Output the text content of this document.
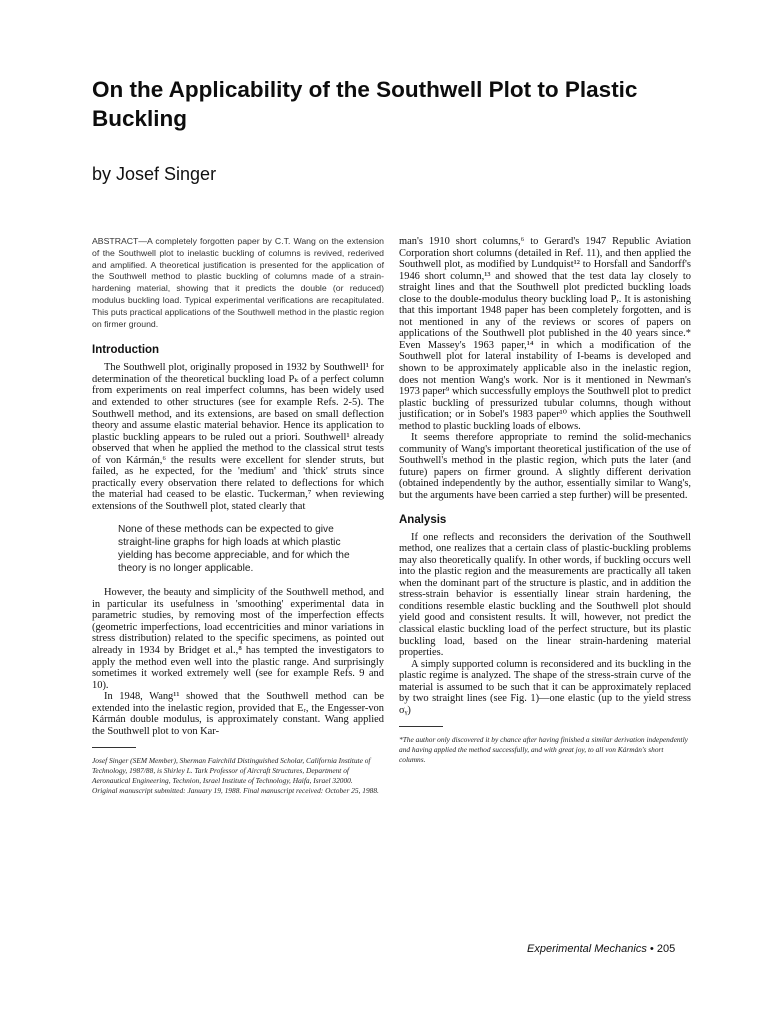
On the Applicability of the Southwell Plot to Plastic Buckling
by Josef Singer

ABSTRACT—A completely forgotten paper by C.T. Wang on the extension of the Southwell plot to inelastic buckling of columns is revived, rederived and amplified. A theoretical justification is presented for the application of the Southwell method to plastic buckling of columns made of a strain-hardening material, showing that it predicts the double (or reduced) modulus buckling load. Typical experimental verifications are recapitulated. This puts practical applications of the Southwell method in the plastic region on firmer ground.

Introduction

The Southwell plot, originally proposed in 1932 by Southwell¹ for determination of the theoretical buckling load Pₖ of a perfect column from experiments on real imperfect columns, has been widely used and extended to other structures (see for example Refs. 2-5). The Southwell method, and its extensions, are based on small deflection theory and assume elastic material behavior. Hence its application to plastic buckling appears to be ruled out a priori. Southwell¹ already observed that when he applied the method to the classical strut tests of von Kármán,⁶ the results were excellent for slender struts, but failed, as he expected, for the 'medium' and 'thick' struts since practically every observation there related to deflections for which the material had ceased to be elastic. Tuckerman,⁷ when reviewing extensions of the Southwell plot, stated clearly that

None of these methods can be expected to give straight-line graphs for high loads at which plastic yielding has become appreciable, and for which the theory is no longer applicable.

However, the beauty and simplicity of the Southwell method, and in particular its usefulness in 'smoothing' experimental data in parametric studies, by removing most of the imperfection effects (geometric imperfections, load eccentricities and minor variations in stress distribution) related to the specific specimens, as pointed out already in 1934 by Bridget et al.,⁸ has tempted the investigators to apply the method even well into the plastic range. And surprisingly sometimes it worked extremely well (see for example Refs. 9 and 10).

In 1948, Wang¹¹ showed that the Southwell method can be extended into the inelastic region, provided that Eᵣ, the Engesser-von Kármán double modulus, is approximately constant. Wang applied the Southwell plot to von Kar-

Josef Singer (SEM Member), Sherman Fairchild Distinguished Scholar, California Institute of Technology, 1987/88, is Shirley L. Tark Professor of Aircraft Structures, Department of Aeronautical Engineering, Technion, Israel Institute of Technology, Haifa, Israel 32000.

Original manuscript submitted: January 19, 1988. Final manuscript received: October 25, 1988.

man's 1910 short columns,⁶ to Gerard's 1947 Republic Aviation Corporation short columns (detailed in Ref. 11), and then applied the Southwell plot, as modified by Lundquist¹² to Horsfall and Sandorff's 1946 short column,¹³ and showed that the test data lay closely to straight lines and that the Southwell plot predicted buckling loads close to the double-modulus theory buckling load Pᵣ. It is astonishing that this important 1948 paper has been completely forgotten, and is not mentioned in any of the reviews or scores of papers on applications of the Southwell plot published in the 40 years since.* Even Massey's 1963 paper,¹⁴ in which a modification of the Southwell plot for lateral instability of I-beams is developed and shown to be approximately applicable also in the inelastic region, does not mention Wang's work. Nor is it mentioned in Newman's 1973 paper⁹ which successfully employs the Southwell plot to predict plastic buckling of pressurized tubular columns, though without justification; or in Sobel's 1983 paper¹⁰ which applies the Southwell method to plastic buckling loads of elbows.

It seems therefore appropriate to remind the solid-mechanics community of Wang's important theoretical justification of the use of Southwell's method in the plastic region, which puts the later (and future) papers on firmer ground. A slightly different derivation (obtained independently by the author, essentially similar to Wang's, but the arguments have been carried a step further) will be presented.

Analysis

If one reflects and reconsiders the derivation of the Southwell method, one realizes that a certain class of plastic-buckling problems may also theoretically qualify. In other words, if buckling occurs well into the plastic region and the measurements are practically all taken when the dominant part of the structure is plastic, and in addition the stress-strain behavior is essentially linear strain hardening, the conditions resemble elastic buckling and the Southwell plot should yield good and consistent results. It will, however, not predict the classical elastic buckling load of the perfect structure, but its plastic buckling load, based on the linear strain-hardening material properties.

A simply supported column is reconsidered and its buckling in the plastic regime is analyzed. The shape of the stress-strain curve of the material is assumed to be such that it can be approximately replaced by two straight lines (see Fig. 1)—one elastic (up to the yield stress σᵧ)

*The author only discovered it by chance after having finished a similar derivation independently and having applied the method successfully, and with great joy, to all von Kármán's short columns.

Experimental Mechanics • 205
